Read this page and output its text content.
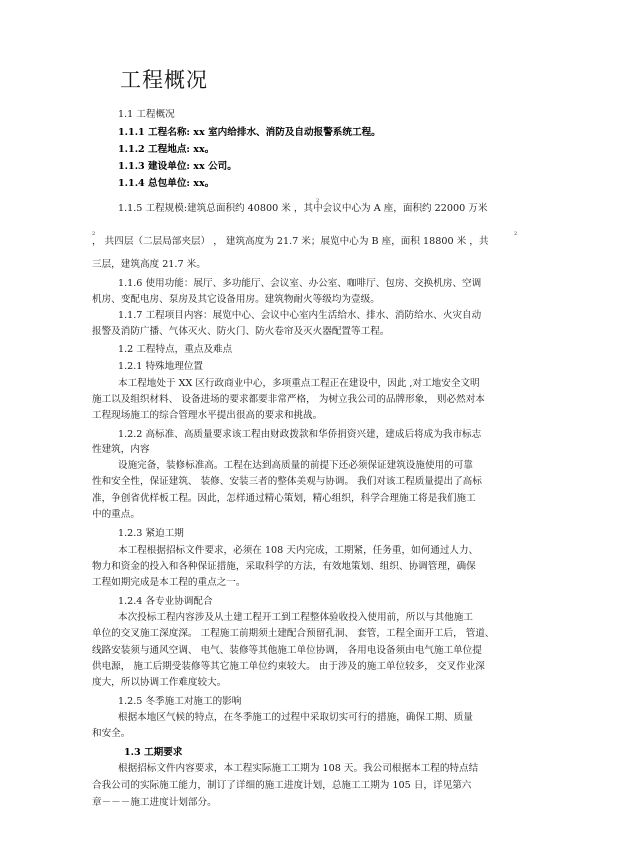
工程概况
1.1 工程概况
1.1.1 工程名称: xx 室内给排水、消防及自动报警系统工程。
1.1.2 工程地点: xx。
1.1.3 建设单位: xx 公司。
1.1.4 总包单位: xx。
2
1.1.5 工程规模:建筑总面积约 40800 米 ，其中会议中心为 A 座，面积约 22000 万米
2	2
， 共四层（二层局部夹层） ， 建筑高度为 21.7 米；展览中心为 B 座，面积 18800 米 ，共
三层，建筑高度 21.7 米。
1.1.6 使用功能：展厅、多功能厅、会议室、办公室、咖啡厅、包房、交换机房、空调
机房、变配电房、泵房及其它设备用房。建筑物耐火等级均为壹级。
1.1.7 工程项目内容：展览中心、会议中心室内生活给水、排水、消防给水、火灾自动
报警及消防广播、气体灭火、防火门、防火卷帘及灭火器配置等工程。
1.2 工程特点，重点及难点
1.2.1 特殊地理位置
本工程地处于 XX 区行政商业中心，多项重点工程正在建设中，因此 ,对工地安全文明
施工以及组织材料、 设备进场的要求都要非常严格， 为树立我公司的品牌形象， 则必然对本
工程现场施工的综合管理水平提出很高的要求和挑战。
1.2.2 高标准、高质量要求该工程由财政拨款和华侨捐资兴建，建成后将成为我市标志
性建筑，内容
设施完备，装修标准高。工程在达到高质量的前提下还必须保证建筑设施使用的可靠
性和安全性，保证建筑、 装修、安装三者的整体美观与协调。 我们对该工程质量提出了高标
准，争创省优样板工程。因此，怎样通过精心策划，精心组织，科学合理施工将是我们施工
中的重点。
1.2.3 紧迫工期
本工程根据招标文件要求，必须在 108 天内完成，工期紧，任务重，如何通过人力、
物力和资金的投入和各种保证措施，采取科学的方法，有效地策划、组织、协调管理，确保
工程如期完成是本工程的重点之一。
1.2.4 各专业协调配合
本次投标工程内容涉及从土建工程开工到工程整体验收投入使用前，所以与其他施工
单位的交叉施工深度深。 工程施工前期须土建配合预留孔洞、 套管，工程全面开工后， 管道、
线路安装须与通风空调、 电气、装修等其他施工单位协调， 各用电设备须由电气施工单位提
供电源， 施工后期受装修等其它施工单位约束较大。 由于涉及的施工单位较多， 交叉作业深
度大，所以协调工作难度较大。
1.2.5 冬季施工对施工的影响
根据本地区气候的特点，在冬季施工的过程中采取切实可行的措施，确保工期、质量
和安全。
1.3 工期要求
根据招标文件内容要求，本工程实际施工工期为 108 天。我公司根据本工程的特点结
合我公司的实际施工能力，制订了详细的施工进度计划，总施工工期为 105 日，详见第六
章－－－施工进度计划部分。
